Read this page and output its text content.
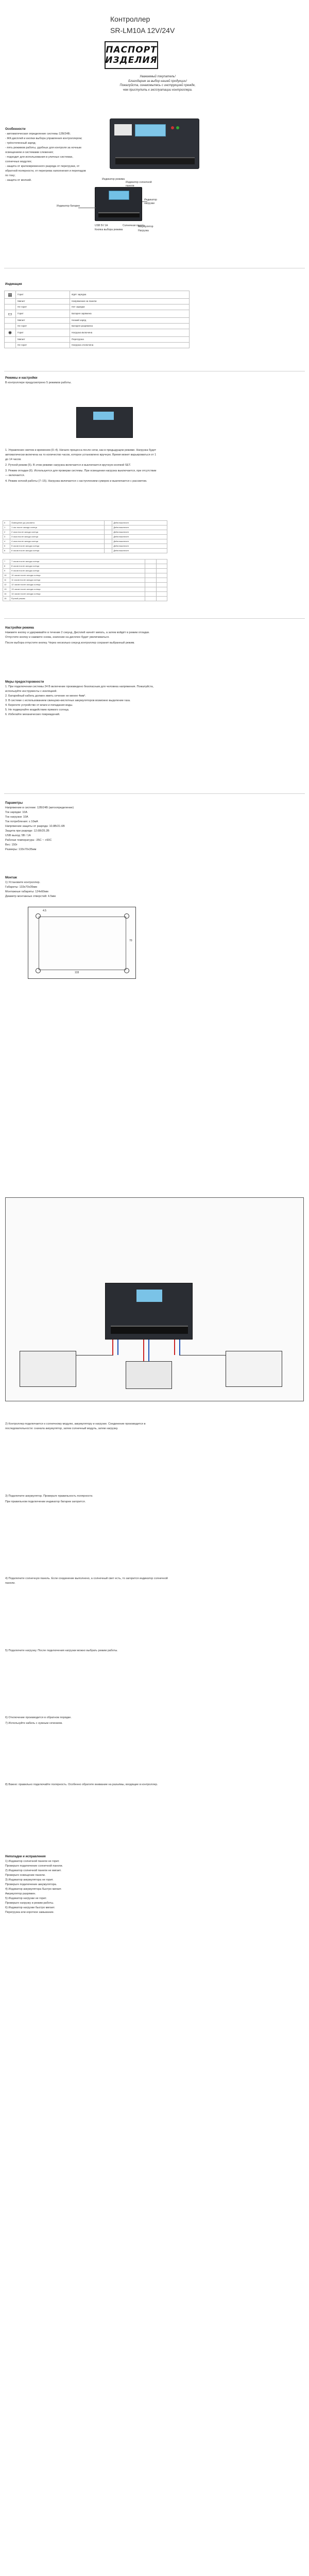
Контроллер
SR-LM10A 12V/24V
ПАСПОРТ
ИЗДЕЛИЯ
Уважаемый покупатель!
Благодарим за выбор нашей продукции!
Пожалуйста, ознакомьтесь с инструкцией прежде,
чем приступить к эксплуатации контроллера.
Особенности
- автоматическая определение системы 12В/24В;
- ЖК-дисплей и кнопки выбора управления контроллером;
- трёхстепенный заряд;
- пять режимов работы, удобных для контроля за ночным
освещением и системами слежения;
- подходит для использования в уличных системах,
солнечных модулях;
- защита от кратковременного разряда от перегрузки, от
обратной полярности, от перегрева наполнения и перепадов
по току;
- защита от молний.	Индикатор режима
Индикатор солнечной панели
Индикатор батареи
Индикатор нагрузки
USB 5V 1A
Кнопка выбора режима
Солнечная панель
Аккумулятор
Нагрузка
Индикация
▦	Горит	Идёт зарядка
	Мигает	Напряжение на панели
	Не горит	Нет зарядки
▭	Горит	Батарея заряжена
	Мигает	Низкий заряд
	Не горит	Батарея разряжена
✺	Горит	Нагрузка включена
	Мигает	Перегрузка
	Не горит	Нагрузка отключена
Режимы и настройки

В контроллере предусмотрено 5 режимов работы.

1. Управление светом и временем (0–4). Начало процесса после ночи, как в предыдущем режиме. Нагрузка будет автоматически включена на то количество часов, которое установлено вручную. Время может варьироваться от 1 до 14 часов.

2. Ручной режим (5). В этом режиме нагрузка включается и выключается вручную кнопкой SET.

3. Режим отладки (6). Используется для проверки системы. При освещении нагрузка выключается, при отсутствии — включается.

4. Режим ночной работы (7–15). Нагрузка включается с наступлением сумерек и выключается с рассветом.

0	Освещение до рассвета		Днём выключен
1	1 час после захода солнца		Днём выключен
2	2 часа после захода солнца		Днём выключен
3	3 часа после захода солнца		Днём выключен
4	4 часа после захода солнца		Днём выключен
5	5 часов после захода солнца		Днём выключен
6	6 часов после захода солнца		Днём выключен
7	7 часов после захода солнца		
8	8 часов после захода солнца		
9	9 часов после захода солнца		
10	10 часов после захода солнца		
11	11 часов после захода солнца		
12	12 часов после захода солнца		
13	13 часов после захода солнца		
14	14 часов после захода солнца		
15	Ручной режим		
Настройки режима

Нажмите кнопку и удерживайте в течение 2 секунд. Дисплей начнёт мигать, а затем войдёт в режим отладки. Отпустите кнопку и нажмите снова, значение на дисплее будет увеличиваться.

После выбора отпустите кнопку. Через несколько секунд контроллер сохранит выбранный режим.

Меры предосторожности
1. При подключении системы 24 В включение произведено безопасным для человека напряжения. Пожалуйста, используйте инструменты с изоляцией.
2. Батарейный кабель должен иметь сечение не менее 4мм².
3. В системе с использованием свинцово-кислотных аккумуляторов возможно выделение газа.
4. Берегите устройство от влаги и попадания воды.
5. Не подвергайте воздействию прямого солнца.
6. Избегайте механических повреждений.
Параметры
Напряжение в системе: 12В/24В (автоопределение)
Ток зарядки: 10A
Ток нагрузки: 10A
Ток потребления: ≤ 10мА
Напряжение защиты от разряда: 10.8В/21.6В
Защита при разряде: 12.6В/25.2В
USB выход: 5В / 1A
Рабочая температура: -35C ~ +60C
Вес: 150г
Размеры: 133x70x35мм
Монтаж
1) Установите контроллер.
Габариты: 133x70x35мм
Монтажные габариты: 124x60мм
Диаметр монтажных отверстий: 4.5мм
133
70
4.5

2) Контроллер подключается к солнечному модулю, аккумулятору и нагрузке. Соединение производится в последовательности: сначала аккумулятор, затем солнечный модуль, затем нагрузку.

3) Подключите аккумулятор. Проверьте правильность полярности.

При правильном подключении индикатор батареи загорится.

4) Подключите солнечную панель. Если соединение выполнено, а солнечный свет есть, то загорится индикатор солнечной панели.

5) Подключите нагрузку. После подключения нагрузки можно выбрать режим работы.

6) Отключение производится в обратном порядке.

7) Используйте кабель с нужным сечением.

8) Важно: правильно подключайте полярность. Особенно обратите внимание на разъёмы, входящие в контроллер.

Неполадки и исправления
1) Индикатор солнечной панели не горит.
Проверьте подключение солнечной панели.
2) Индикатор солнечной панели не мигает.
Проверьте освещение панели.
3) Индикатор аккумулятора не горит.
Проверьте подключение аккумулятора.
4) Индикатор аккумулятора быстро мигает.
Аккумулятор разряжен.
5) Индикатор нагрузки не горит.
Проверьте нагрузку и режим работы.
6) Индикатор нагрузки быстро мигает.
Перегрузка или короткое замыкание.
